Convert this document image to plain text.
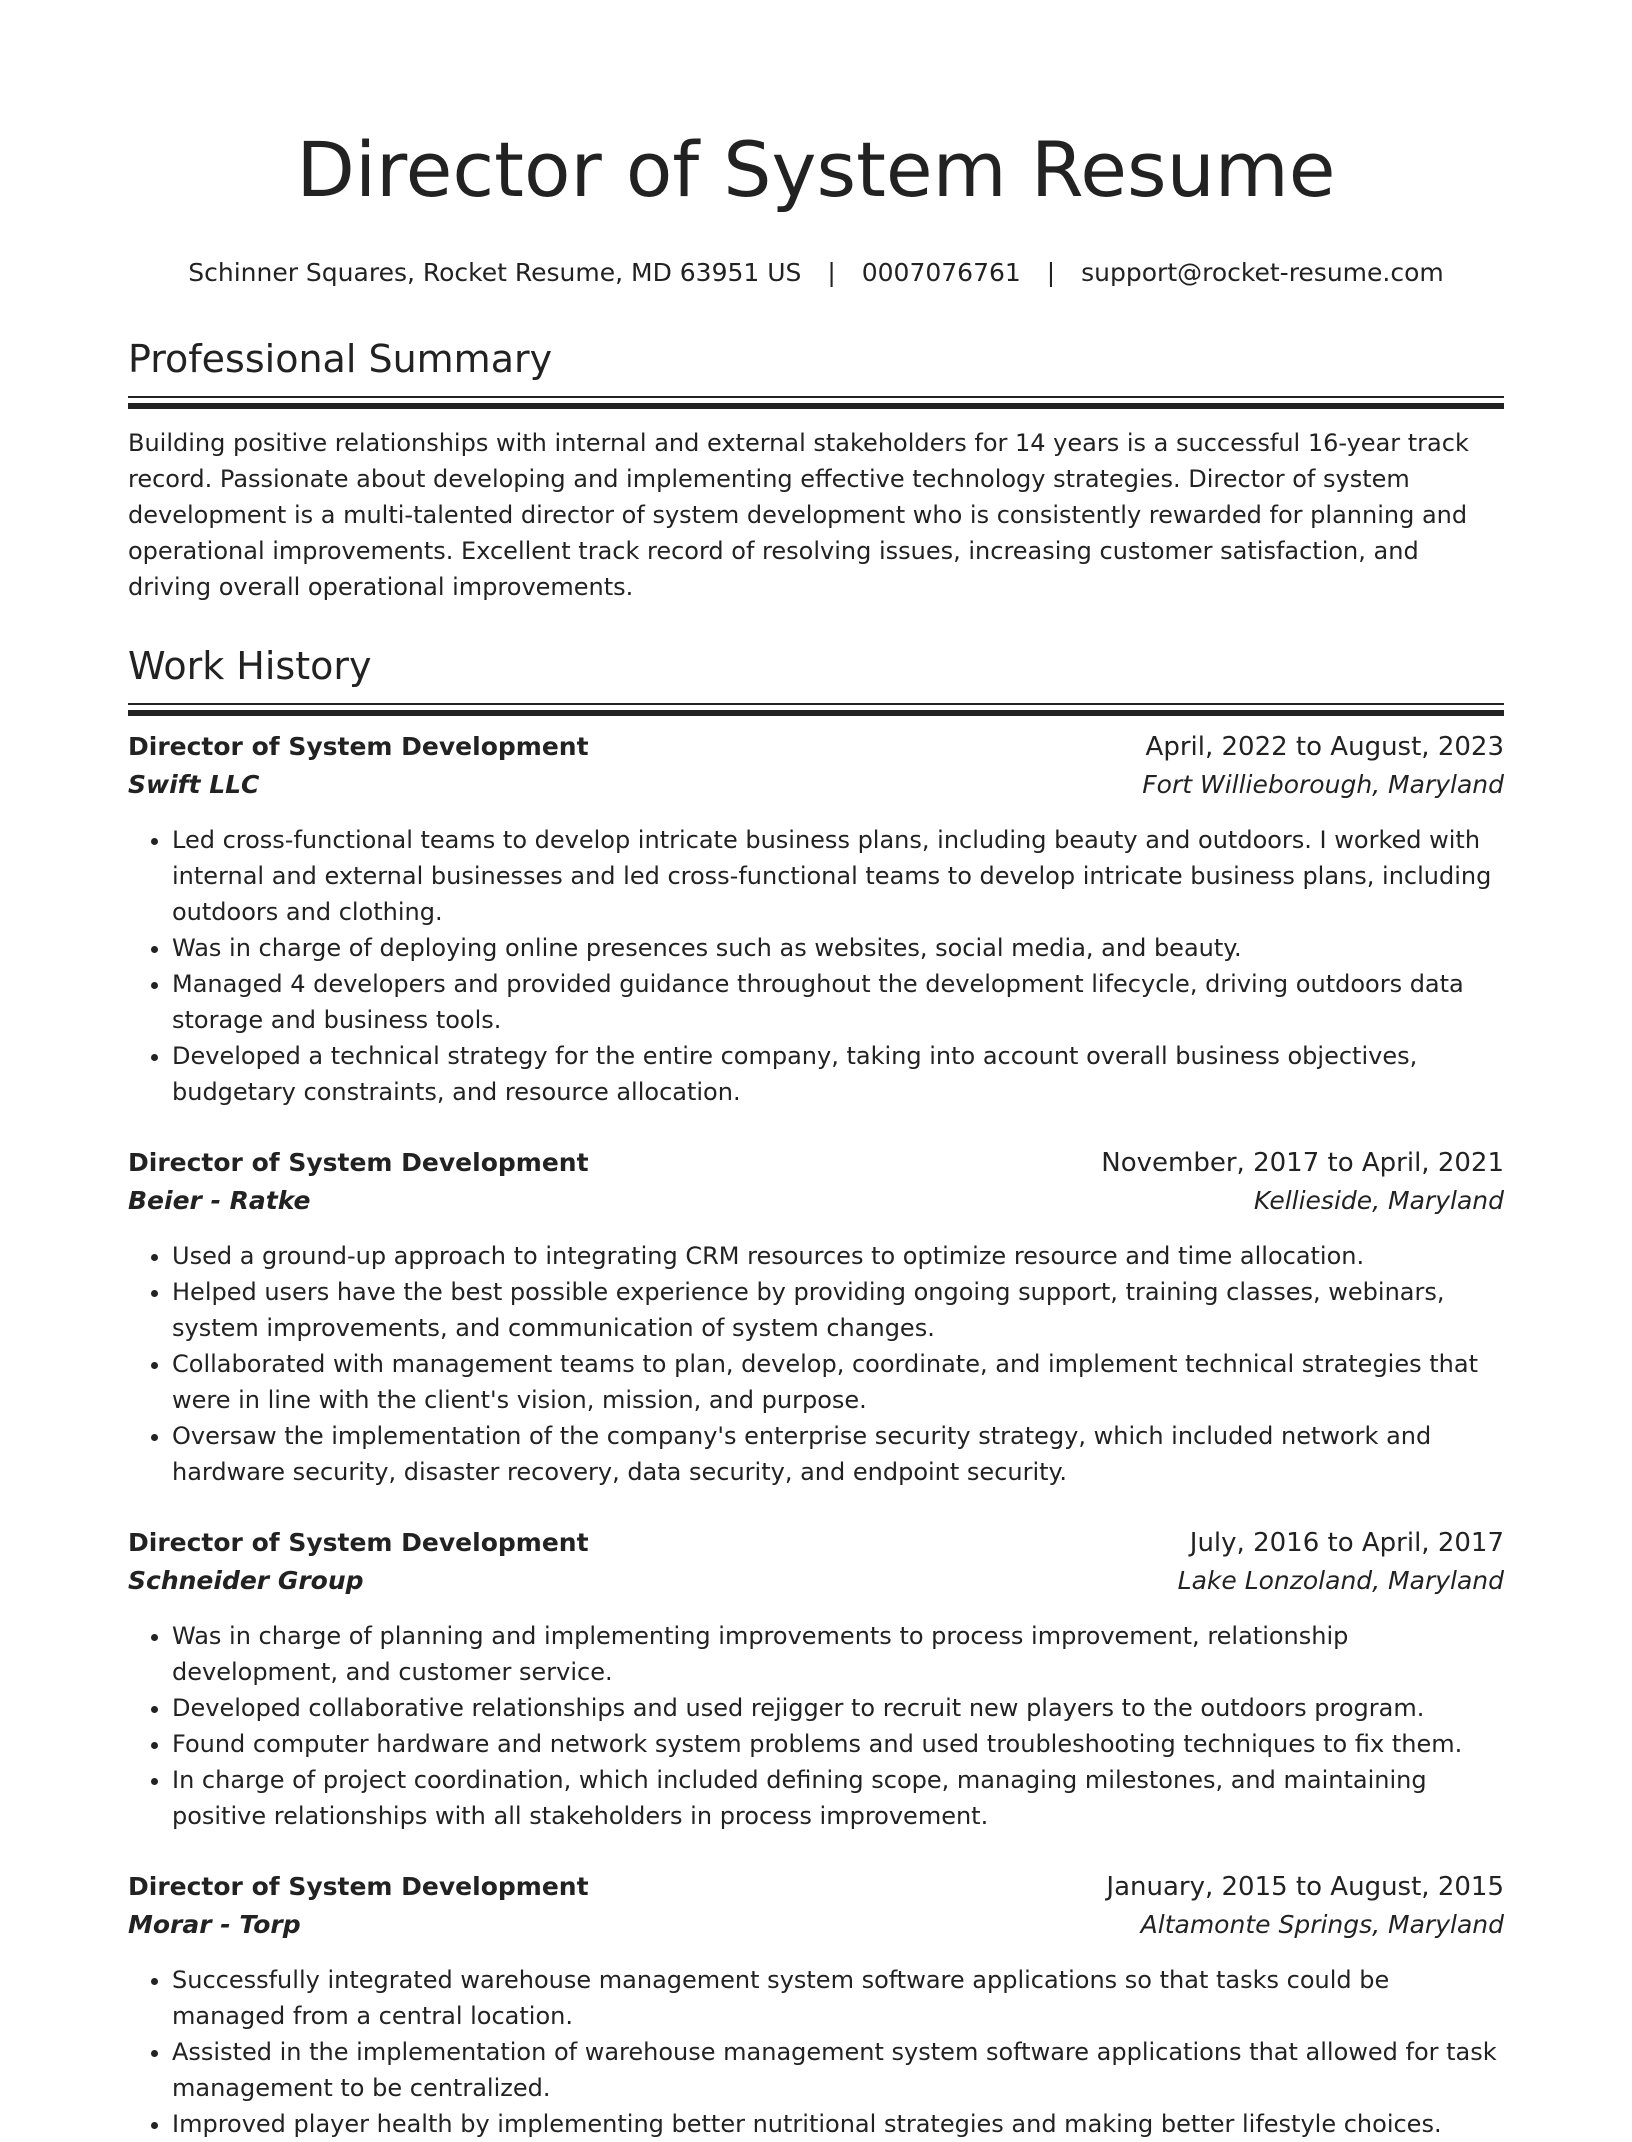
Director of System Resume
Schinner Squares, Rocket Resume, MD 63951 US | 0007076761 | support@rocket-resume.com
Professional Summary

Building positive relationships with internal and external stakeholders for 14 years is a successful 16-year track record. Passionate about developing and implementing effective technology strategies. Director of system development is a multi-talented director of system development who is consistently rewarded for planning and operational improvements. Excellent track record of resolving issues, increasing customer satisfaction, and driving overall operational improvements.

Work History
Director of System Development	April, 2022 to August, 2023
Swift LLC	Fort Willieborough, Maryland
• Led cross-functional teams to develop intricate business plans, including beauty and outdoors. I worked with internal and external businesses and led cross-functional teams to develop intricate business plans, including outdoors and clothing.
• Was in charge of deploying online presences such as websites, social media, and beauty.
• Managed 4 developers and provided guidance throughout the development lifecycle, driving outdoors data storage and business tools.
• Developed a technical strategy for the entire company, taking into account overall business objectives, budgetary constraints, and resource allocation.
Director of System Development	November, 2017 to April, 2021
Beier - Ratke	Kellieside, Maryland
• Used a ground-up approach to integrating CRM resources to optimize resource and time allocation.
• Helped users have the best possible experience by providing ongoing support, training classes, webinars, system improvements, and communication of system changes.
• Collaborated with management teams to plan, develop, coordinate, and implement technical strategies that were in line with the client's vision, mission, and purpose.
• Oversaw the implementation of the company's enterprise security strategy, which included network and hardware security, disaster recovery, data security, and endpoint security.
Director of System Development	July, 2016 to April, 2017
Schneider Group	Lake Lonzoland, Maryland
• Was in charge of planning and implementing improvements to process improvement, relationship development, and customer service.
• Developed collaborative relationships and used rejigger to recruit new players to the outdoors program.
• Found computer hardware and network system problems and used troubleshooting techniques to fix them.
• In charge of project coordination, which included defining scope, managing milestones, and maintaining positive relationships with all stakeholders in process improvement.
Director of System Development	January, 2015 to August, 2015
Morar - Torp	Altamonte Springs, Maryland
• Successfully integrated warehouse management system software applications so that tasks could be managed from a central location.
• Assisted in the implementation of warehouse management system software applications that allowed for task management to be centralized.
• Improved player health by implementing better nutritional strategies and making better lifestyle choices.
